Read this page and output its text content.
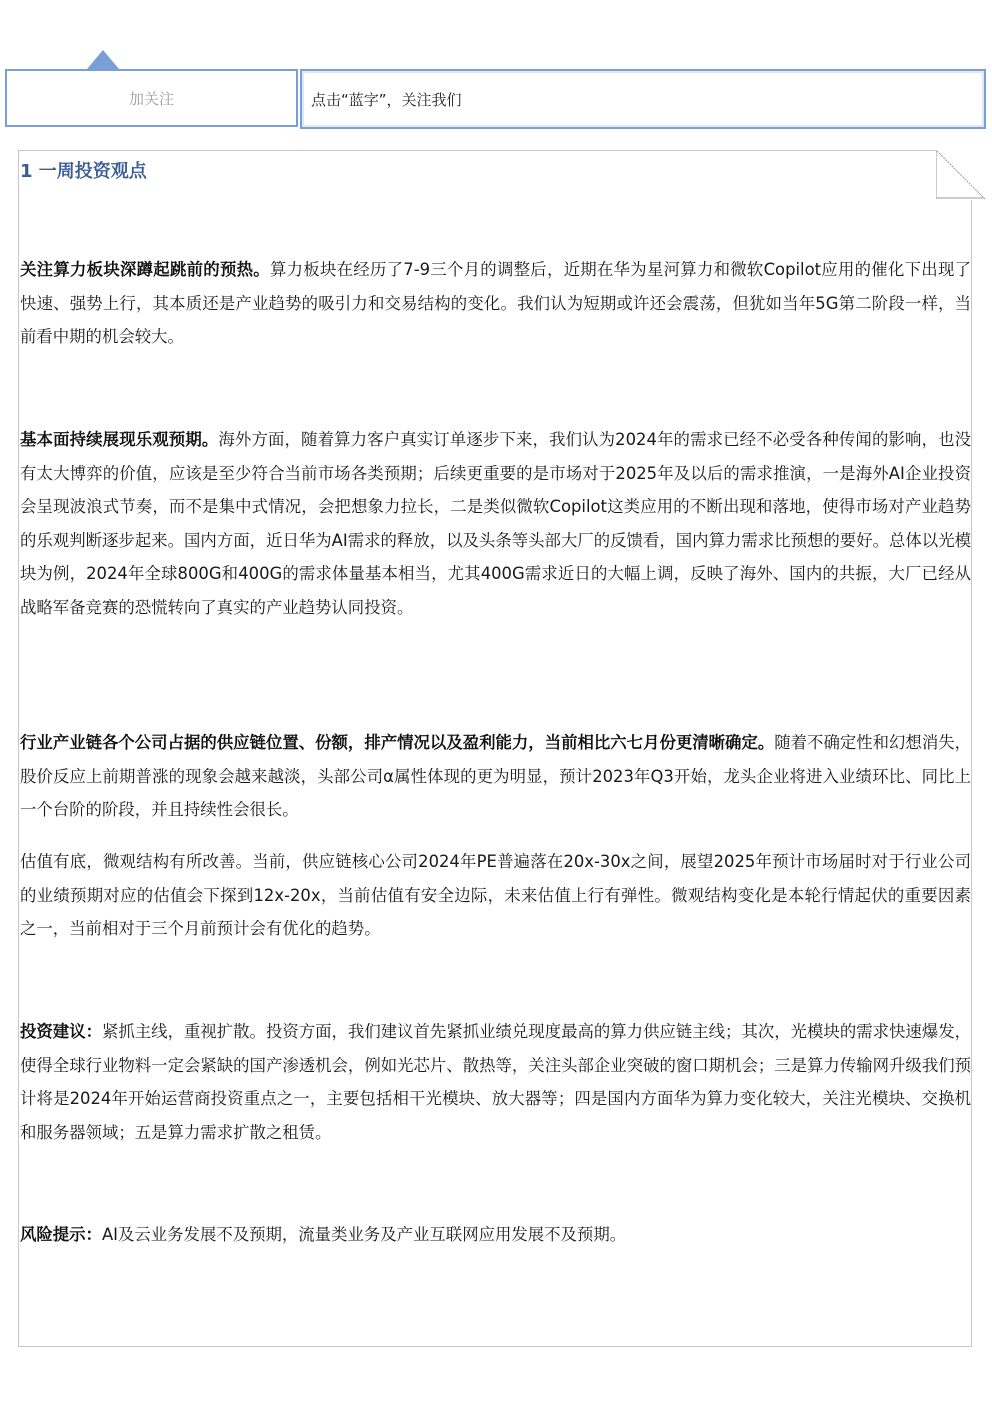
加关注	点击“蓝字”，关注我们
1 一周投资观点

关注算力板块深蹲起跳前的预热。算力板块在经历了7-9三个月的调整后，近期在华为星河算力和微软Copilot应用的催化下出现了快速、强势上行，其本质还是产业趋势的吸引力和交易结构的变化。我们认为短期或许还会震荡，但犹如当年5G第二阶段一样，当前看中期的机会较大。

基本面持续展现乐观预期。海外方面，随着算力客户真实订单逐步下来，我们认为2024年的需求已经不必受各种传闻的影响，也没有太大博弈的价值，应该是至少符合当前市场各类预期；后续更重要的是市场对于2025年及以后的需求推演，一是海外AI企业投资会呈现波浪式节奏，而不是集中式情况，会把想象力拉长，二是类似微软Copilot这类应用的不断出现和落地，使得市场对产业趋势的乐观判断逐步起来。国内方面，近日华为AI需求的释放，以及头条等头部大厂的反馈看，国内算力需求比预想的要好。总体以光模块为例，2024年全球800G和400G的需求体量基本相当，尤其400G需求近日的大幅上调，反映了海外、国内的共振，大厂已经从战略军备竞赛的恐慌转向了真实的产业趋势认同投资。

行业产业链各个公司占据的供应链位置、份额，排产情况以及盈利能力，当前相比六七月份更清晰确定。随着不确定性和幻想消失，股价反应上前期普涨的现象会越来越淡，头部公司α属性体现的更为明显，预计2023年Q3开始，龙头企业将进入业绩环比、同比上一个台阶的阶段，并且持续性会很长。

估值有底，微观结构有所改善。当前，供应链核心公司2024年PE普遍落在20x-30x之间，展望2025年预计市场届时对于行业公司的业绩预期对应的估值会下探到12x-20x，当前估值有安全边际，未来估值上行有弹性。微观结构变化是本轮行情起伏的重要因素之一，当前相对于三个月前预计会有优化的趋势。

投资建议：紧抓主线，重视扩散。投资方面，我们建议首先紧抓业绩兑现度最高的算力供应链主线；其次，光模块的需求快速爆发，使得全球行业物料一定会紧缺的国产渗透机会，例如光芯片、散热等，关注头部企业突破的窗口期机会；三是算力传输网升级我们预计将是2024年开始运营商投资重点之一，主要包括相干光模块、放大器等；四是国内方面华为算力变化较大，关注光模块、交换机和服务器领域；五是算力需求扩散之租赁。

风险提示：AI及云业务发展不及预期，流量类业务及产业互联网应用发展不及预期。
